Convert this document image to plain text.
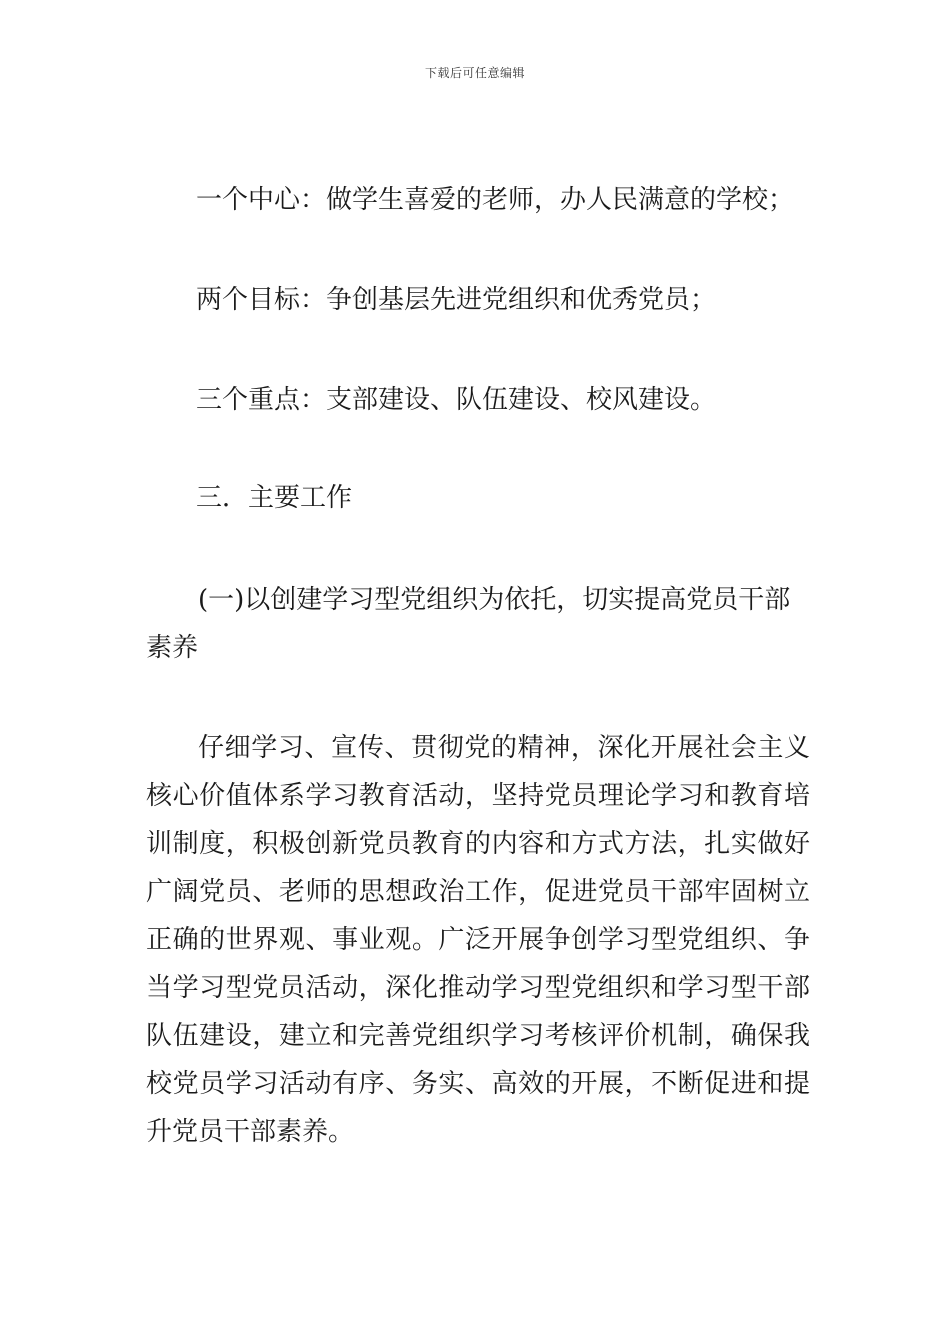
下载后可任意编辑
一个中心：做学生喜爱的老师，办人民满意的学校；
两个目标：争创基层先进党组织和优秀党员；
三个重点：支部建设、队伍建设、校风建设。
三．主要工作
(一)以创建学习型党组织为依托，切实提高党员干部素养
仔细学习、宣传、贯彻党的精神，深化开展社会主义核心价值体系学习教育活动，坚持党员理论学习和教育培训制度，积极创新党员教育的内容和方式方法，扎实做好广阔党员、老师的思想政治工作，促进党员干部牢固树立正确的世界观、事业观。广泛开展争创学习型党组织、争当学习型党员活动，深化推动学习型党组织和学习型干部队伍建设，建立和完善党组织学习考核评价机制，确保我校党员学习活动有序、务实、高效的开展，不断促进和提升党员干部素养。
